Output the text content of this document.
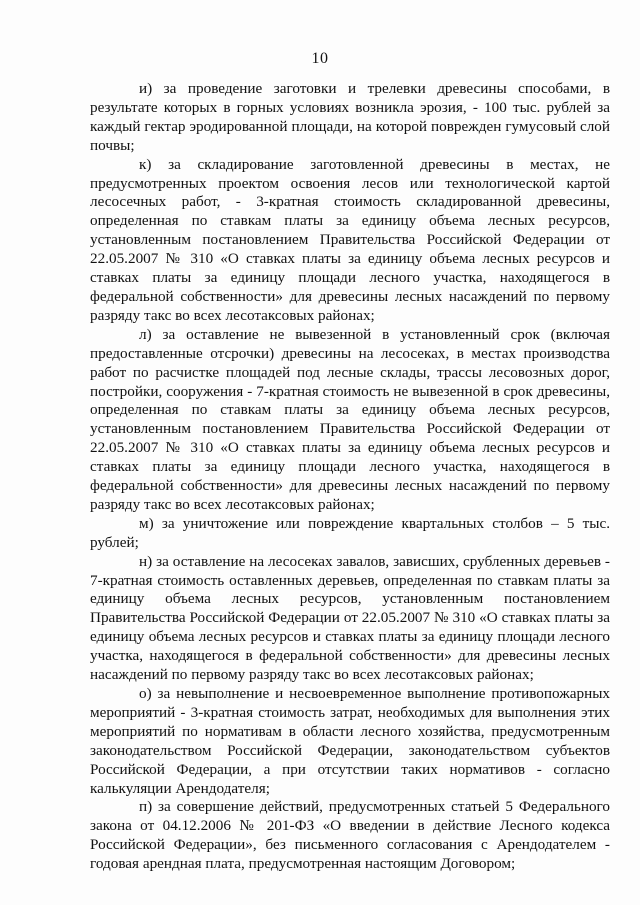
10

и) за проведение заготовки и трелевки древесины способами, в результате которых в горных условиях возникла эрозия, - 100 тыс. рублей за каждый гектар эродированной площади, на которой поврежден гумусовый слой почвы;

к) за складирование заготовленной древесины в местах, не предусмотренных проектом освоения лесов или технологической картой лесосечных работ, - 3-кратная стоимость складированной древесины, определенная по ставкам платы за единицу объема лесных ресурсов, установленным постановлением Правительства Российской Федерации от 22.05.2007 № 310 «О ставках платы за единицу объема лесных ресурсов и ставках платы за единицу площади лесного участка, находящегося в федеральной собственности» для древесины лесных насаждений по первому разряду такс во всех лесотаксовых районах;

л) за оставление не вывезенной в установленный срок (включая предоставленные отсрочки) древесины на лесосеках, в местах производства работ по расчистке площадей под лесные склады, трассы лесовозных дорог, постройки, сооружения - 7-кратная стоимость не вывезенной в срок древесины, определенная по ставкам платы за единицу объема лесных ресурсов, установленным постановлением Правительства Российской Федерации от 22.05.2007 № 310 «О ставках платы за единицу объема лесных ресурсов и ставках платы за единицу площади лесного участка, находящегося в федеральной собственности» для древесины лесных насаждений по первому разряду такс во всех лесотаксовых районах;

м) за уничтожение или повреждение квартальных столбов – 5 тыс. рублей;

н) за оставление на лесосеках завалов, зависших, срубленных деревьев - 7-кратная стоимость оставленных деревьев, определенная по ставкам платы за единицу объема лесных ресурсов, установленным постановлением Правительства Российской Федерации от 22.05.2007 № 310 «О ставках платы за единицу объема лесных ресурсов и ставках платы за единицу площади лесного участка, находящегося в федеральной собственности» для древесины лесных насаждений по первому разряду такс во всех лесотаксовых районах;

о) за невыполнение и несвоевременное выполнение противопожарных мероприятий - 3-кратная стоимость затрат, необходимых для выполнения этих мероприятий по нормативам в области лесного хозяйства, предусмотренным законодательством Российской Федерации, законодательством субъектов Российской Федерации, а при отсутствии таких нормативов - согласно калькуляции Арендодателя;

п) за совершение действий, предусмотренных статьей 5 Федерального закона от 04.12.2006 № 201-ФЗ «О введении в действие Лесного кодекса Российской Федерации», без письменного согласования с Арендодателем - годовая арендная плата, предусмотренная настоящим Договором;
